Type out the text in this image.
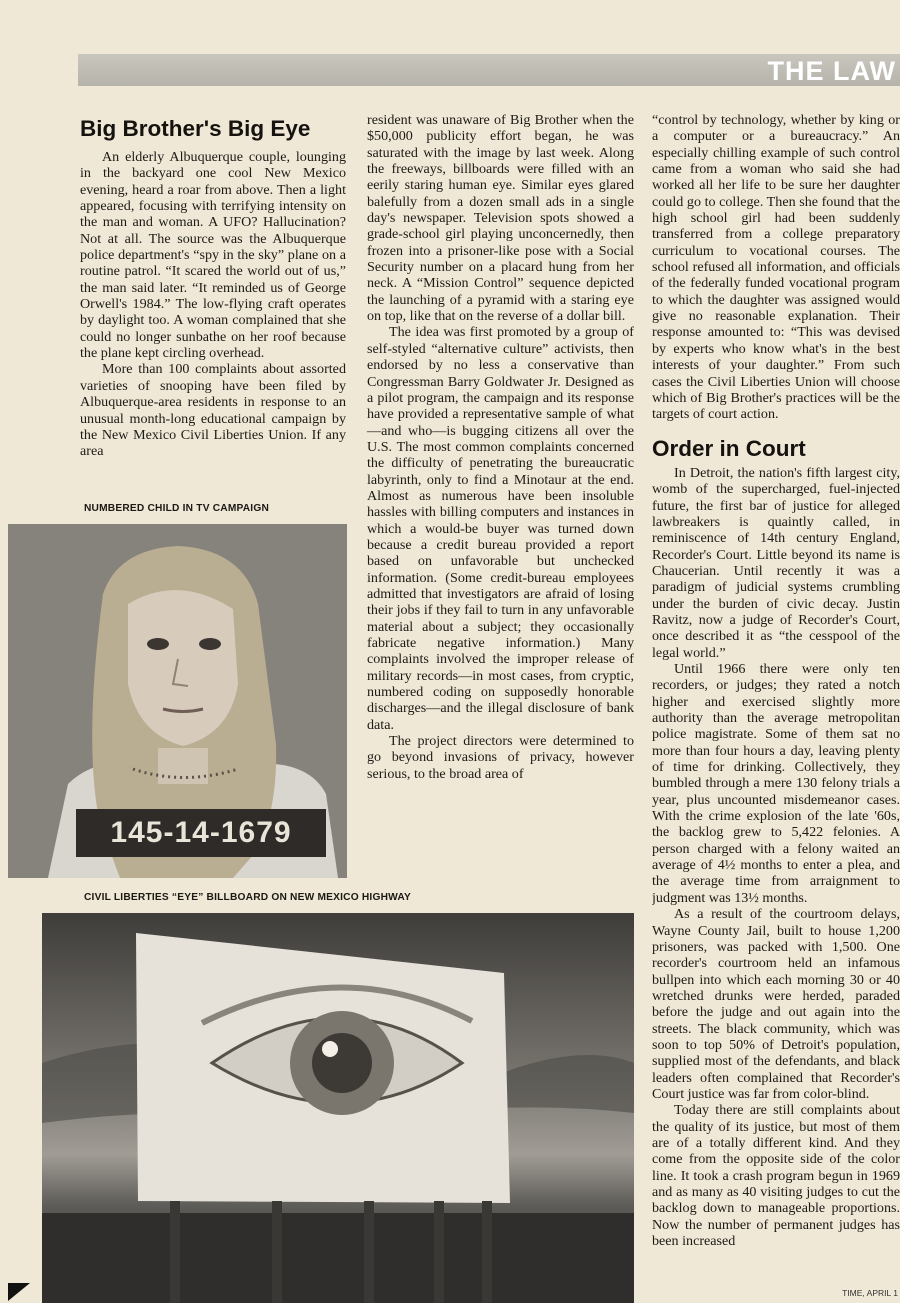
THE LAW
Big Brother's Big Eye

An elderly Albuquerque couple, lounging in the backyard one cool New Mexico evening, heard a roar from above. Then a light appeared, focusing with terrifying intensity on the man and woman. A UFO? Hallucination? Not at all. The source was the Albuquerque police department's “spy in the sky” plane on a routine patrol. “It scared the world out of us,” the man said later. “It reminded us of George Orwell's 1984.” The low-flying craft operates by daylight too. A woman complained that she could no longer sunbathe on her roof because the plane kept circling overhead.

More than 100 complaints about assorted varieties of snooping have been filed by Albuquerque-area residents in response to an unusual month-long educational campaign by the New Mexico Civil Liberties Union. If any area

NUMBERED CHILD IN TV CAMPAIGN
145-14-1679
CIVIL LIBERTIES “EYE” BILLBOARD ON NEW MEXICO HIGHWAY

resident was unaware of Big Brother when the $50,000 publicity effort began, he was saturated with the image by last week. Along the freeways, billboards were filled with an eerily staring human eye. Similar eyes glared balefully from a dozen small ads in a single day's newspaper. Television spots showed a grade-school girl playing unconcernedly, then frozen into a prisoner-like pose with a Social Security number on a placard hung from her neck. A “Mission Control” sequence depicted the launching of a pyramid with a staring eye on top, like that on the reverse of a dollar bill.

The idea was first promoted by a group of self-styled “alternative culture” activists, then endorsed by no less a conservative than Congressman Barry Goldwater Jr. Designed as a pilot program, the campaign and its response have provided a representative sample of what—and who—is bugging citizens all over the U.S. The most common complaints concerned the difficulty of penetrating the bureaucratic labyrinth, only to find a Minotaur at the end. Almost as numerous have been insoluble hassles with billing computers and instances in which a would-be buyer was turned down because a credit bureau provided a report based on unfavorable but unchecked information. (Some credit-bureau employees admitted that investigators are afraid of losing their jobs if they fail to turn in any unfavorable material about a subject; they occasionally fabricate negative information.) Many complaints involved the improper release of military records—in most cases, from cryptic, numbered coding on supposedly honorable discharges—and the illegal disclosure of bank data.

The project directors were determined to go beyond invasions of privacy, however serious, to the broad area of

“control by technology, whether by king or a computer or a bureaucracy.” An especially chilling example of such control came from a woman who said she had worked all her life to be sure her daughter could go to college. Then she found that the high school girl had been suddenly transferred from a college preparatory curriculum to vocational courses. The school refused all information, and officials of the federally funded vocational program to which the daughter was assigned would give no reasonable explanation. Their response amounted to: “This was devised by experts who know what's in the best interests of your daughter.” From such cases the Civil Liberties Union will choose which of Big Brother's practices will be the targets of court action.

Order in Court

In Detroit, the nation's fifth largest city, womb of the supercharged, fuel-injected future, the first bar of justice for alleged lawbreakers is quaintly called, in reminiscence of 14th century England, Recorder's Court. Little beyond its name is Chaucerian. Until recently it was a paradigm of judicial systems crumbling under the burden of civic decay. Justin Ravitz, now a judge of Recorder's Court, once described it as “the cesspool of the legal world.”

Until 1966 there were only ten recorders, or judges; they rated a notch higher and exercised slightly more authority than the average metropolitan police magistrate. Some of them sat no more than four hours a day, leaving plenty of time for drinking. Collectively, they bumbled through a mere 130 felony trials a year, plus uncounted misdemeanor cases. With the crime explosion of the late '60s, the backlog grew to 5,422 felonies. A person charged with a felony waited an average of 4½ months to enter a plea, and the average time from arraignment to judgment was 13½ months.

As a result of the courtroom delays, Wayne County Jail, built to house 1,200 prisoners, was packed with 1,500. One recorder's courtroom held an infamous bullpen into which each morning 30 or 40 wretched drunks were herded, paraded before the judge and out again into the streets. The black community, which was soon to top 50% of Detroit's population, supplied most of the defendants, and black leaders often complained that Recorder's Court justice was far from color-blind.

Today there are still complaints about the quality of its justice, but most of them are of a totally different kind. And they come from the opposite side of the color line. It took a crash program begun in 1969 and as many as 40 visiting judges to cut the backlog down to manageable proportions. Now the number of permanent judges has been increased

TIME, APRIL 1
